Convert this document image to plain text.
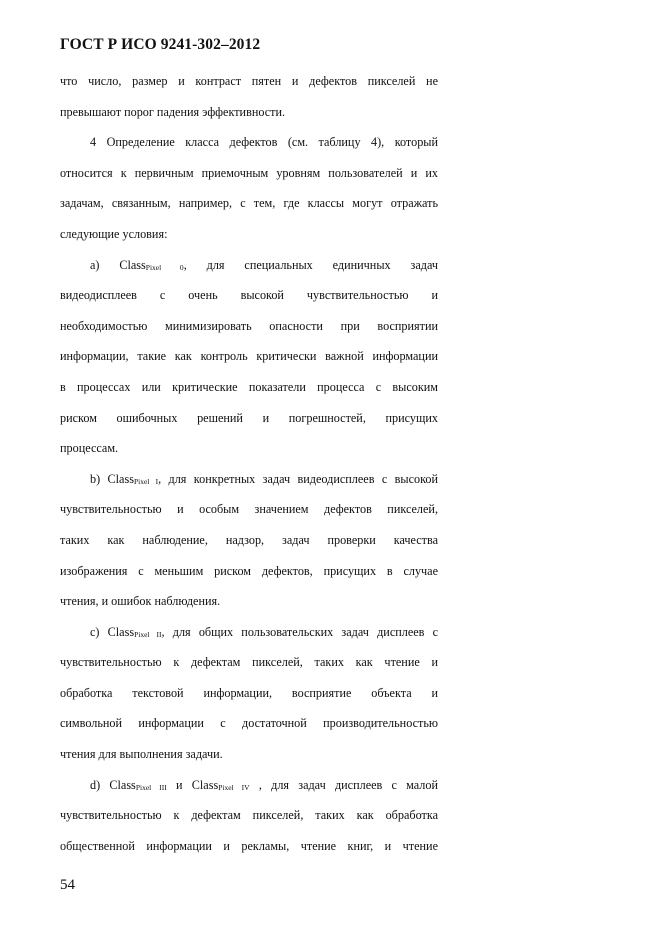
ГОСТ Р ИСО 9241-302–2012
что число, размер и контраст пятен и дефектов пикселей не
превышают порог падения эффективности.
4 Определение класса дефектов (см. таблицу 4), который
относится к первичным приемочным уровням пользователей и их
задачам, связанным, например, с тем, где классы могут отражать
следующие условия:
a) ClassPixel 0, для специальных единичных задач
видеодисплеев с очень высокой чувствительностью и
необходимостью минимизировать опасности при восприятии
информации, такие как контроль критически важной информации
в процессах или критические показатели процесса с высоким
риском ошибочных решений и погрешностей, присущих
процессам.
b) ClassPixel I, для конкретных задач видеодисплеев с высокой
чувствительностью и особым значением дефектов пикселей,
таких как наблюдение, надзор, задач проверки качества
изображения с меньшим риском дефектов, присущих в случае
чтения, и ошибок наблюдения.
c) ClassPixel II, для общих пользовательских задач дисплеев с
чувствительностью к дефектам пикселей, таких как чтение и
обработка текстовой информации, восприятие объекта и
символьной информации с достаточной производительностью
чтения для выполнения задачи.
d) ClassPixel III и ClassPixel IV , для задач дисплеев с малой
чувствительностью к дефектам пикселей, таких как обработка
общественной информации и рекламы, чтение книг, и чтение
54
